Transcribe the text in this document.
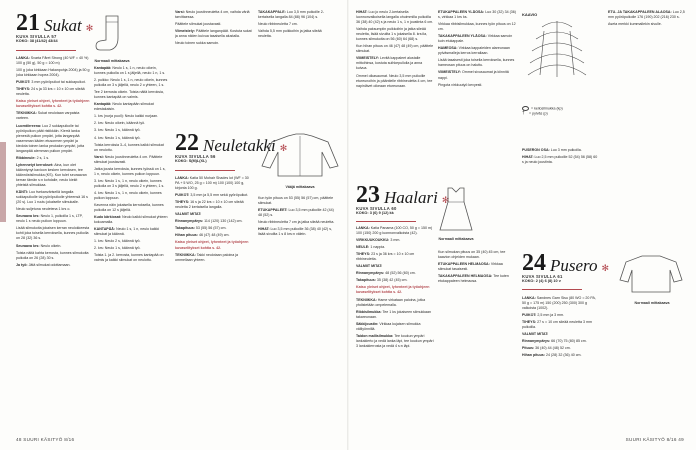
21 Sukat ✻
KUVA SIVULLA 57
KOKO: 38 (41/42) 43/44
Normaali mittakaava

LANKA: Svarta Fåret Strong (40 WF = 40 %) 100 g (50 g), 50 g = 100 m)

100 g (oka kirkkaan Hakanpohja 2004) ja 50 g (oka kirkkaan hopea 2004).

PUIKOT: 3 mm pyöröpuikot tai sukkapuikot.

TIHEYS: 24 s ja 33 krs = 10 x 10 cm sileää neuletta.

Katso yleiset ohjeet, lyhenteet ja työohjeen kuvaselitykset kohtia s. 42.

TEKNIIKKA: Sukat neulotaan varpaista varteen.

Luomtiirreena: Luo 2 sukkapuikolle tai pyöröpuikon päät ristikkäin. Kierrä lanka pienestä puikon ympäri, jotta langanpää vasemman käden etusormen ympäri ja kiedota toinen lanka peukalon ympäri, jotta langanpää alemman puikon ympäri.

Ribbineule: 2 s, 1 s.

Lyhennetyt kerrokset: Aina, kun olet käänntynyt kavioon kesken kerroksen, tee käännöstsilmukka (KS). Kun tulet seuraavan kerran tämän s:n kohdalle, neulo kiekit yhteistä silmukkaa.

KÄNTI: Luo fsekanvärisellä langalla sukkapuikolle tai pyöröpuikolle yhteensä 16 s (20 s). Luo 1 ruutu jokaiselle silmukalle.

Neulo suljetuna neuletena 1 krs o.

Seuraava krs: Neulo 1, puikoilla 1 s, LTP, neulo 1 s neulo puikon loppuun.

Lisää silmukoita jokaisen kerran neulokkeesta kohti joka toisella kerroksella, kunnes puikolla on 28 (32) 36 s.

Seuraava krs: Neulo oikein.

Toista näitä kahta kerrosta, kunnes silmukoita puikolla on 26 (28) 30 s.

Ja työ: Jätä silmukat odottamaan.

Kantapää: Neulo 1 s, 1 n, neulo oikein, kunnes puikolla on 1 s jäljellä, neulo 1 n, 1 s.

2. puikko: Neulo 1 s, 1 n, neulo oikein, kunnes puikolla on 3 s jäljellä, neulo 2 o yhteen, 1 s.

Tee 2 kerrosta oikein. Toista näitä kerroksia, kunnes kantapää on valmis.

Kantapää: Neulo kantapään silmukat edestakaisin.

1. krs (nurja puoli): Neulo kaikki nurjaan.

2. krs: Neulo oikein, käännä työ.

3. krs: Neulo 1 s, käännä työ.

4. krs: Neulo 1 s, käännä työ.

Toista kerroksia 3–4, kunnes kaikki silmukat on neulottu.

Varsi: Neulo joustinneuletta 4 cm. Päättele silmukat joustavasti.

Jatka jousta kerroksia, kunnes työssä on 1 s, 1 n, neulo oikein, kunnes puikon loppuun.

3. krs: Neulo 1 s, 1 n, neulo oikein, kunnes puikolla on 3 s jäljellä, neulo 2 n yhteen, 1 s.

4. krs: Neulo 1 s, 1 n, neulo oikein, kunnes puikon loppuun.

Kavenna näin jokaisella kerroksella, kunnes puikolla on 12 s jäljellä.

Kudo kärkiosat: Neulo kaikki silmukat yhteen kokoamalla.

KANTAPÄÄ: Neulo 1 s, 1 n, neulo kaikki silmukat ja käännä.

1. krs: Neulo 2 s, käännä työ.

2. krs: Neulo 1 s, käännä työ.

Toista 1. ja 2. kerrosta, kunnes kantapää on valmis ja kaikki silmukat on neulottu.

22 Neuletakki ✻
KUVA SIVULLA 56
KOKO: S(M)L(XL)
Vääjä mittakaava

Varsi: Neulo joustinneuletta 4 cm, vaihda väriä tarvittaessa.

Päättele silmukat joustavasti.

Viimeistely: Päättele langanpäät. Kostuta sukat ja anna niiden kuivua tasaisella alustalla.

Neulo toinen sukka samoin.

LANKA: Katia 50 Mohair Shades lot (WF = 30 PA + 5 WO, 25 g = 100 m) 100 (100) 100 g, kirjonta 100 g.

PUIKOT: 3,5 mm ja 5,5 mm sekä pyöröpuikot.

TIHEYS: 16 s ja 22 krs = 10 x 10 cm sileää neuletta 2 kertaisella langalla.

VALMIIT MITAT:

Rinnanympärys: 114 (120) 130 (142) cm.

Takapituus: 53 (55) 56 (57) cm.

Hihan pituus: 46 (47) 48 (49) cm.

Katso yleiset ohjeet, lyhenteet ja työohjeen kuvaselitykset kohtia s. 42.

TEKNIIKKA: Takki neulotaan paloina ja ommellaan yhteen.

TAKAKAPPALE: Luo 3,5 mm puikoille 2-kertaisella langalla 84 (88) 96 (104) s.

Neulo ribbineuletta 7 cm.

Vaihda 5,5 mm puikkoihin ja jatka sileää neuletta.

Kun työn pituus on 53 (55) 56 (57) cm, päättele silmukat.

ETUKAPPALEET: Luo 3,5 mm puikoille 42 (44) 48 (52) s.

Neulo ribbineuletta 7 cm ja jatka sileää neuletta.

HIHAT: Luo 3,5 mm puikoille 36 (38) 40 (42) s, lisää sivuilta 1 s 8 krs:n välein.

48 SUURI KÄSITYÖ 8/16

HIHAT: Luo jo neulo 2-kertaisella luonnonvalkoisella langalla ohuimmilla puikoilla 36 (38) 40 (42) s ja neulo 1 s, 1 n joustinta 6 cm.

Vaihda paksumpiin puikkoihin ja jatka sileää neuletta, lisää sivuilta 1 s jokaisella 8. krs:lla, kunnes silmukoita on 56 (60) 64 (68) s.

Kun hihan pituus on 46 (47) 48 (49) cm, päättele silmukat.

VIIMEISTELY: Levitä kappaleet alustalle mittoihinsa, kostuta suihkepullolla ja anna kuivua.

Ommel olkasaumat. Neulo 3,5 mm puikoille etureunoihin ja pääntielle ribbineuletta 4 cm, tee napinlävet oikeaan etureunaan.

23 Haalari ✻
KUVA SIVULLA 60
KOKO: 3 (6) 9 (12) kk
Normaali mittakaava

LANKA: Katia Panama (100 CO, 50 g = 150 m) 100 (150) 200 g luonnonvalkoista (42).

VIRKKUUKOUKKU: 3 mm.

NEULE: 1 nappia.

TIHEYS: 23 s ja 36 krs = 10 x 10 cm ribbineuletta.

VALMIIT MITAT:

Rinnanympärys: 48 (52) 56 (60) cm.

Takapituus: 35 (38) 42 (45) cm.

Katso yleiset ohjeet, lyhenteet ja työohjeen kuvaselitykset kohtia s. 42.

TEKNIIKKA: Hame virkataan paloina, jotka yhdistetään ompelemalla.

Ribbisilmukka: Tee 1 ks jokaiseen silmukkaan takareunaan.

Säkkijoustin: Virkkaa kujaisen silmukka välilyönnillä.

Taidon mallisilmukka: Tee koukun ympäri lankakierto ja vedä lanka läpi, tee koukun ympäri 3 lankakierrosta ja vedä 4 s:n läpi.

ETUKAPPALEEN YLÄOSA: Luo 30 (32) 34 (36) s, virkkaa 1 krs ks.

Virkkaa ribbisilmukkaa, kunnes työn pituus on 12 cm.

TAKAKAPPALEEN YLÄOSA: Virkkaa samoin kuin etukappale.

HAMEOSA: Virkkaa kappaleiden alareunaan pylväsmalleja kerros kerrallaan.

Lisää tasaisesti joka toisella kerroksella, kunnes hameosan pituus on haluttu.

VIIMEISTELY: Ommel sivusaumat ja kiinnitä nappi.

Pingota virkkuutyö kevyesti.

Kun silmukan pituus on 35 (40) 45 cm, tee kaavion ohjeiden mukaan.

ETUKAPPALEEN HELMAOSA: Virkkaa silmukat tasaisesti.

TAKAKAPPALEEN HELMAOSA: Tee kuten etukappaleen helmaosa.

KAAVIO
= kellosilmukka (kp)
† = pylväs (p)

PUSERON OSA: Luo 3 mm puikoilla.

HIHAT: Luo 2,5 mm puikoille 52 (54) 56 (58) 60 s ja neulo joustinta.

24 Pusero ✻
KUVA SIVULLA 61
KOKO: 2 (4) 6 (8) 10 v
Normaali mittakaava

LANKA: Sandnes Garn Sisu (80 WO = 20 PA, 50 g = 175 m) 150 (200) 250 (300) 300 g valkoista (1002).

PUIKOT: 2,5 mm ja 3 mm.

TIHEYS: 27 s = 10 cm sileää neuletta 3 mm puikoilla.

VALMIIT MITAT:

Rinnanympärys: 66 (70) 75 (80) 85 cm.

Pituus: 36 (40) 44 (48) 52 cm.

Hihan pituus: 24 (28) 32 (36) 40 cm.

ETU- JA TAKAKAPPALEEN ALAOSA: Luo 2,5 mm pyöröpuikolle 176 (190) 202 (216) 230 s.

Aseta merkki kummallekin sivulle.

SUURI KÄSITYÖ 8/16 49
